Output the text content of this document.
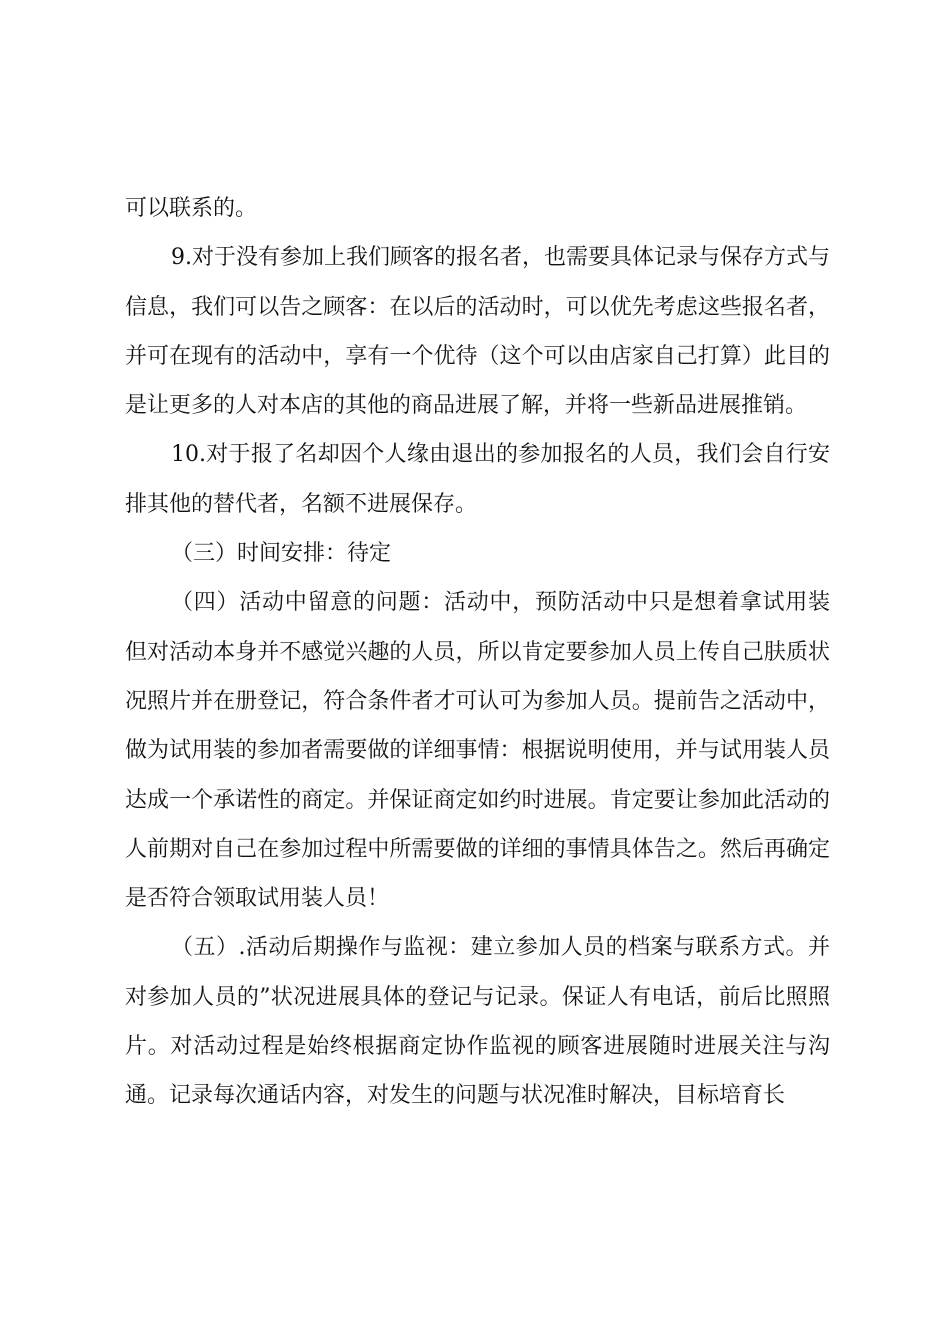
可以联系的。

9.对于没有参加上我们顾客的报名者，也需要具体记录与保存方式与信息，我们可以告之顾客：在以后的活动时，可以优先考虑这些报名者，并可在现有的活动中，享有一个优待（这个可以由店家自己打算）此目的是让更多的人对本店的其他的商品进展了解，并将一些新品进展推销。

10.对于报了名却因个人缘由退出的参加报名的人员，我们会自行安排其他的替代者，名额不进展保存。

（三）时间安排：待定

（四）活动中留意的问题：活动中，预防活动中只是想着拿试用装但对活动本身并不感觉兴趣的人员，所以肯定要参加人员上传自己肤质状况照片并在册登记，符合条件者才可认可为参加人员。提前告之活动中，做为试用装的参加者需要做的详细事情：根据说明使用，并与试用装人员达成一个承诺性的商定。并保证商定如约时进展。肯定要让参加此活动的人前期对自己在参加过程中所需要做的详细的事情具体告之。然后再确定是否符合领取试用装人员！

（五）.活动后期操作与监视：建立参加人员的档案与联系方式。并对参加人员的”状况进展具体的登记与记录。保证人有电话，前后比照照片。对活动过程是始终根据商定协作监视的顾客进展随时进展关注与沟通。记录每次通话内容，对发生的问题与状况准时解决，目标培育长
